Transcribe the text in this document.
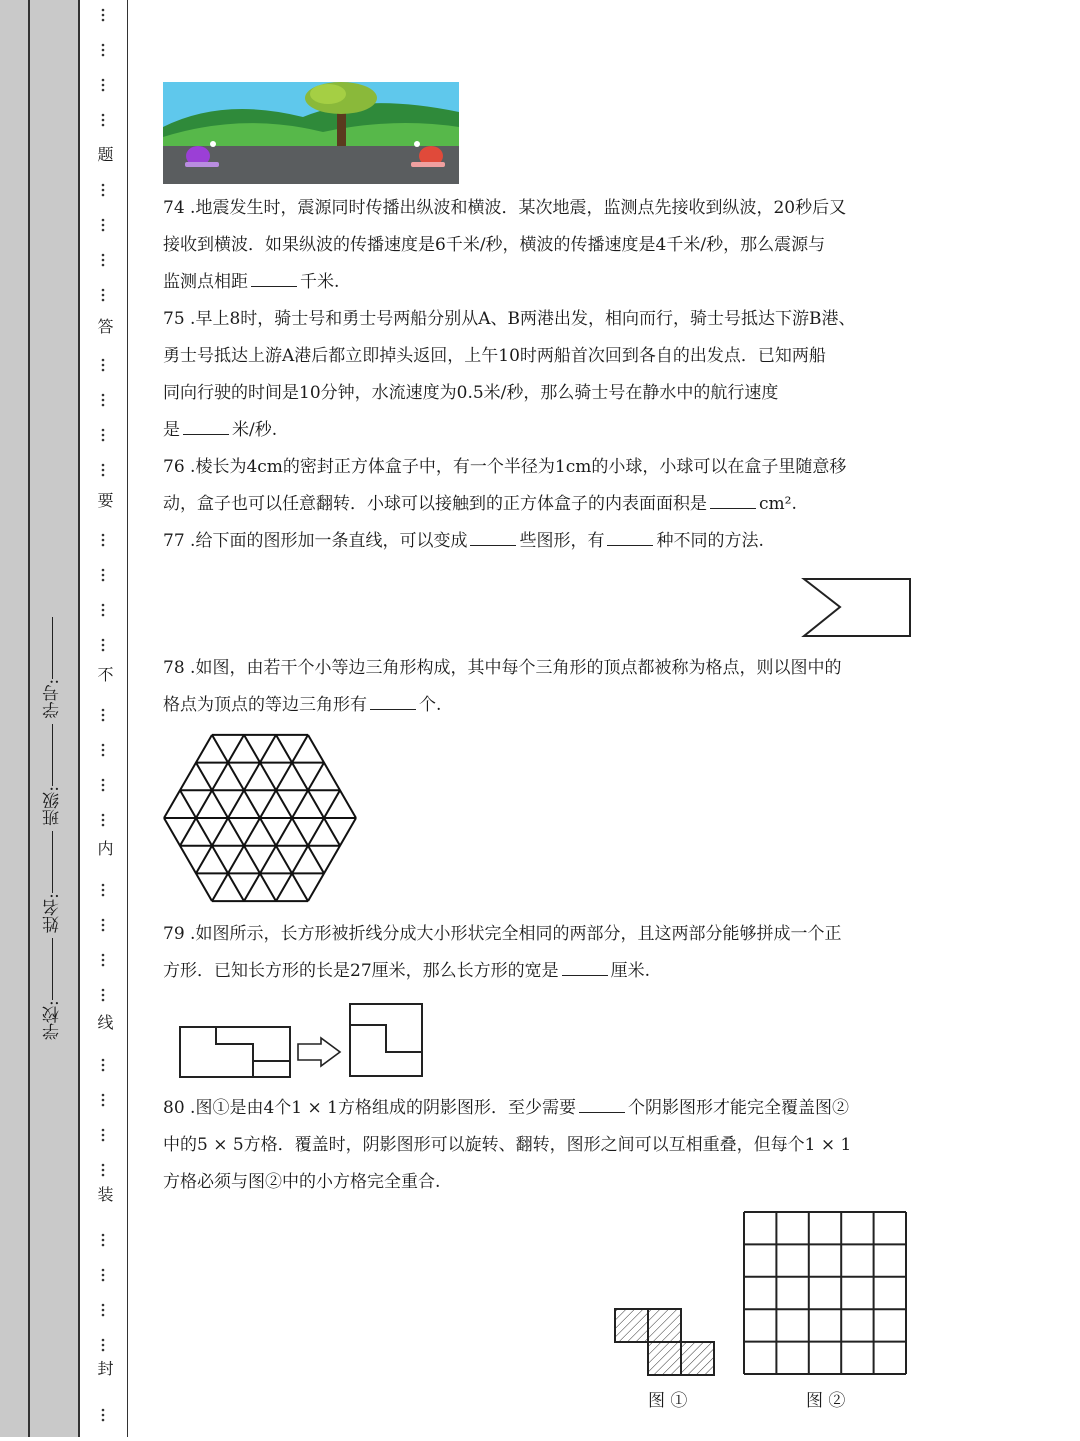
学校: 姓名: 班级: 学号:
题
答
要
不
内
线
装
封
74 .地震发生时，震源同时传播出纵波和横波．某次地震，监测点先接收到纵波，20秒后又
接收到横波．如果纵波的传播速度是6千米/秒，横波的传播速度是4千米/秒，那么震源与
监测点相距	千米.
75 .早上8时，骑士号和勇士号两船分别从A、B两港出发，相向而行，骑士号抵达下游B港、
勇士号抵达上游A港后都立即掉头返回，上午10时两船首次回到各自的出发点．已知两船
同向行驶的时间是10分钟，水流速度为0.5米/秒，那么骑士号在静水中的航行速度
是	米/秒.
76 .棱长为4cm的密封正方体盒子中，有一个半径为1cm的小球，小球可以在盒子里随意移
动，盒子也可以任意翻转．小球可以接触到的正方体盒子的内表面面积是	cm².
77 .给下面的图形加一条直线，可以变成	些图形，有	种不同的方法.
78 .如图，由若干个小等边三角形构成，其中每个三角形的顶点都被称为格点，则以图中的
格点为顶点的等边三角形有	个.
79 .如图所示，长方形被折线分成大小形状完全相同的两部分，且这两部分能够拼成一个正
方形．已知长方形的长是27厘米，那么长方形的宽是	厘米.
80 .图①是由4个1 × 1方格组成的阴影图形．至少需要	个阴影图形才能完全覆盖图②
中的5 × 5方格．覆盖时，阴影图形可以旋转、翻转，图形之间可以互相重叠，但每个1 × 1
方格必须与图②中的小方格完全重合.
图 ①	图 ②
